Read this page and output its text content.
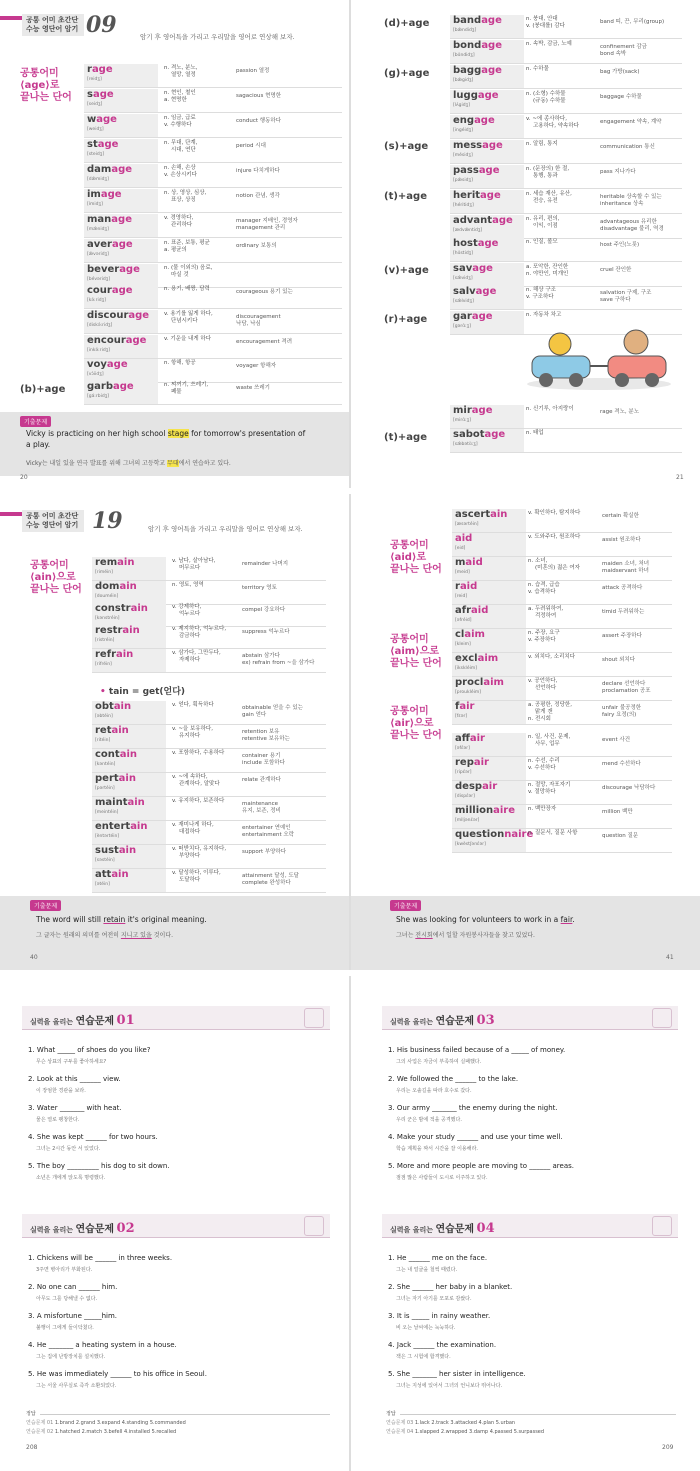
공통 어미 초간단
수능 영단어 암기 09	암기 후 영어특을 가리고 우리말을 영어로 연상해 보자.
공통어미
⟨age⟩로
끝나는 단어
(b)+age
rage
[reidʒ]
n. 격노, 분노,
열망, 열정
passion 열정
sage
[seidʒ]
n. 현인, 철인
a. 현명한
sagacious 현명한
wage
[weidʒ]
n. 임금, 급료
v. 수행하다
conduct 행동하다
stage
[steidʒ]
n. 무대, 단계,
시대, 연단
period 시대
damage
[dǽmidʒ]
n. 손해, 손상
v. 손상시키다
injure 다치게하다
image
[ímidʒ]
n. 상, 영상, 심상,
표상, 상징
notion 관념, 생각
manage
[mǽnidʒ]
v. 경영하다,
관리하다
manager 지배인, 경영자
management 관리
average
[ǽvəridʒ]
n. 표준, 보통, 평균
a. 평균의
ordinary 보통의
beverage
[bévəridʒ]
n. (물 이외의) 음료,
마실 것
courage
[kə́ːridʒ]
n. 용기, 배짱, 담력	courageous 용기 있는
discourage
[diskə́ːridʒ]
v. 용기를 잃게 하다,
단념시키다
discouragement
낙담, 낙심
encourage
[inkə́ːridʒ]
v. 기운을 내게 하다	encouragement 격려
voyage
[vɔ́iidʒ]
n. 항해, 항공	voyager 항해자
garbage
[gáːrbidʒ]
n. 찌꺼기, 쓰레기,
폐물
waste 쓰레기
(d)+age
(g)+age
(s)+age
(t)+age
(v)+age
(r)+age
(t)+age
bandage
[bǽndidʒ]
n. 붕대, 안대
v. (붕대를) 감다
band 띠, 끈, 무리(group)
bondage
[bɑ́ndidʒ]
n. 속박, 감금, 노예	confinement 감금
bond 속박
baggage
[bǽgidʒ]
n. 수하물	bag 가방(sack)
luggage
[lʌ́gidʒ]
n. (소형) 수하물
(규동) 수하물
baggage 수하물
engage
[ingéidʒ]
v. ~에 종사하다,
고용하다, 약속하다
engagement 약속, 계약
message
[mésidʒ]
n. 알림, 통지	communication 통신
passage
[pǽsidʒ]
n. (문장의) 한 절,
통행, 통과
pass 지나가다
heritage
[héritidʒ]
n. 세습 재산, 유산,
전승, 유전
heritable 상속할 수 있는
inheritance 상속
advantage
[ædvǽntidʒ]
n. 유리, 편의,
이익, 이점
advantageous 유리한
disadvantage 불리, 역경
hostage
[hɑ́stidʒ]
n. 인질, 볼모	host 주인(노릇)
savage
[sǽvidʒ]
a. 포악한, 잔인한
n. 야만인, 미개인
cruel 잔인한
salvage
[sǽlvidʒ]
n. 해상 구조
v. 구조하다
salvation 구제, 구조
save 구하다
garage
[gərɑ́ːʒ]
n. 자동차 차고
mirage
[mirɑ́ːʒ]
n. 신기루, 아지랑이	rage 격노, 분노
sabotage
[sǽbətɑ̀ːʒ]
n. 태업
기출문제
Vicky is practicing on her high school stage for tomorrow's presentation of
a play.
Vicky는 내일 있을 연극 발표를 위해 그녀의 고등학교 무대에서 연습하고 있다.
20	21
공통 어미 초간단
수능 영단어 암기 19	암기 후 영어특을 가리고 우리말을 영어로 연상해 보자.
공통어미
⟨ain⟩으로
끝나는 단어
• tain = get(얻다)
remain
[riméin]
v. 남다, 살아남다,
머무르다
remainder 나머지
domain
[douméin]
n. 영토, 영역	territory 영토
constrain
[kənstréin]
v. 강제하다,
억누르다
compel 강요하다
restrain
[ristréin]
v. 제지하다, 억누르다,
감금하다
suppress 억누르다
refrain
[rifréin]
v. 삼가다, 그만두다,
자제하다
abstain 삼가다
ex) refrain from ~을 삼가다
obtain
[əbtéin]
v. 얻다, 획득하다	obtainable 얻을 수 있는
gain 얻다
retain
[ritéin]
v. ~을 보유하다,
유지하다
retention 보유
retentive 보유하는
contain
[kəntéin]
v. 포함하다, 수용하다	container 용기
include 포함하다
pertain
[pərtéin]
v. ~에 속하다,
관계하다, 알맞다
relate 관계하다
maintain
[meintéin]
v. 유지하다, 보존하다	maintenance
유지, 보존, 정비
entertain
[èntərtéin]
v. 재미나게 하다,
대접하다
entertainer 연예인
entertainment 오락
sustain
[səstéin]
v. 떠받치다, 유지하다,
부양하다
support 부양하다
attain
[ətéin]
v. 달성하다, 이루다,
도달하다
attainment 달성, 도달
complete 완성하다
공통어미
⟨aid⟩로
끝나는 단어
공통어미
⟨aim⟩으로
끝나는 단어
공통어미
⟨air⟩으로
끝나는 단어
ascertain
[æsərtéin]
v. 확인하다, 탐지하다	certain 확실한
aid
[eid]
v. 도와주다, 원조하다	assist 원조하다
maid
[meid]
n. 소녀,
(미혼의) 젊은 여자
maiden 소녀, 처녀
maidservant 하녀
raid
[reid]
n. 습격, 급습
v. 습격하다
attack 공격하다
afraid
[əfréid]
a. 두려워하여,
걱정하여
timid 두려워하는
claim
[kleim]
n. 주장, 요구
v. 주장하다
assert 주장하다
exclaim
[ikskléim]
v. 외치다, 소리치다	shout 외치다
proclaim
[proukléim]
v. 공언하다,
선언하다
declare 선언하다
proclamation 공포
fair
[fɛər]
a. 공평한, 정당한,
맑게 갠
n. 전시회
unfair 불공정한
fairy 요정(의)
affair
[əfɛ́ər]
n. 일, 사건, 문제,
사무, 업무
event 사건
repair
[ripɛ́ər]
n. 수선, 수리
v. 수선하다
mend 수선하다
despair
[dispɛ́ər]
n. 절망, 자포자기
v. 절망하다
discourage 낙담하다
millionaire
[mìljənɛ́ər]
n. 백만장자	million 백만
questionnaire
[kwèstʃənɛ́ər]
n. 질문서, 질문 사항	question 질문
기출문제
The word will still retain it's original meaning.
그 글자는 원래의 의미를 여전히 지니고 있을 것이다.
기출문제
She was looking for volunteers to work in a fair.
그녀는 전시회에서 일할 자원봉사자들을 찾고 있었다.
40	41
실력을 올리는 연습문제 01
1. What _____ of shoes do you like?
무슨 상표의 구두를 좋아하세요?
2. Look at this ______ view.
이 장엄한 경관을 보라.
3. Water _______ with heat.
물은 열로 팽창한다.
4. She was kept ______ for two hours.
그녀는 2시간 동안 서 있었다.
5. The boy _________ his dog to sit down.
소년은 개에게 앉도록 명령했다.
실력을 올리는 연습문제 02
1. Chickens will be ______ in three weeks.
3주면 병아리가 부화된다.
2. No one can ______ him.
아무도 그를 당해낼 수 없다.
3. A misfortune _____him.
불행이 그에게 들이닥쳤다.
4. He _______ a heating system in a house.
그는 집에 난방장치를 설치했다.
5. He was immediately ______ to his office in Seoul.
그는 서울 사무실로 즉각 소환되었다.
실력을 올리는 연습문제 03
1. His business failed because of a _____ of money.
그의 사업은 자금이 부족하여 실패했다.
2. We followed the ______ to the lake.
우리는 오솔길을 따라 호수로 갔다.
3. Our army _______ the enemy during the night.
우리 군은 밤에 적을 공격했다.
4. Make your study ______ and use your time well.
학습 계획을 짜서 시간을 잘 이용해라.
5. More and more people are moving to ______ areas.
점점 많은 사람들이 도시로 이주하고 있다.
실력을 올리는 연습문제 04
1. He ______ me on the face.
그는 내 얼굴을 철썩 때렸다.
2. She ______ her baby in a blanket.
그녀는 자기 아기를 모포로 감쌌다.
3. It is _____ in rainy weather.
비 오는 날씨에는 눅눅하다.
4. Jack ______ the examination.
잭은 그 시험에 합격했다.
5. She _______ her sister in intelligence.
그녀는 지성에 있어서 그녀의 언니보다 뛰어나다.
정답
연습문제 01 1.brand 2.grand 3.expand 4.standing 5.commanded
연습문제 02 1.hatched 2.match 3.befell 4.installed 5.recalled
정답
연습문제 03 1.lack 2.track 3.attacked 4.plan 5.urban
연습문제 04 1.slapped 2.wrapped 3.damp 4.passed 5.surpassed
208	209
